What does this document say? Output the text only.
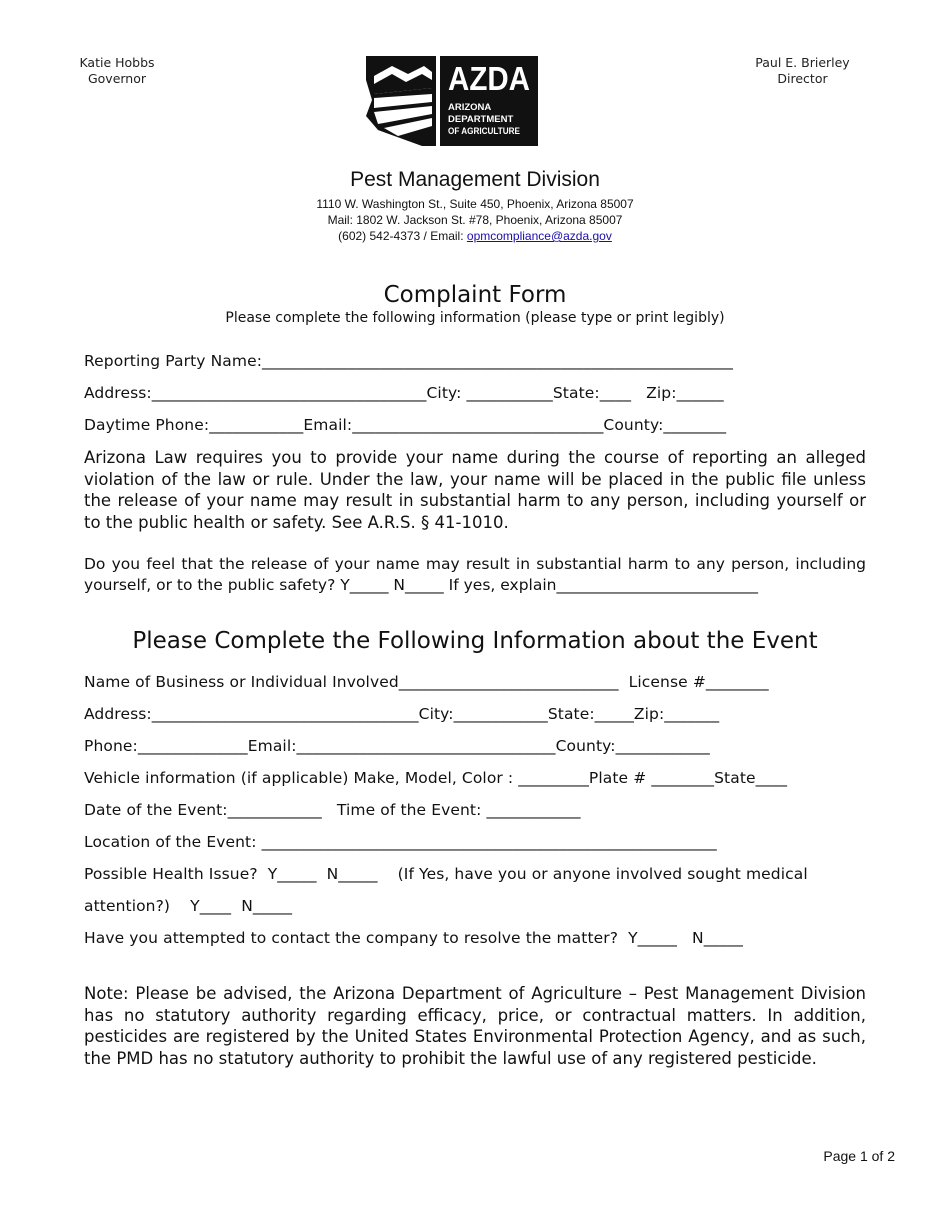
Katie Hobbs
Governor
Paul E. Brierley
Director
AZDA
ARIZONA
DEPARTMENT
OF AGRICULTURE
Pest Management Division
1110 W. Washington St., Suite 450, Phoenix, Arizona 85007
Mail: 1802 W. Jackson St. #78, Phoenix, Arizona 85007
(602) 542-4373 / Email: opmcompliance@azda.gov
Complaint Form
Please complete the following information (please type or print legibly)
Reporting Party Name:____________________________________________________________
Address:___________________________________City: ___________State:____   Zip:______
Daytime Phone:____________Email:________________________________County:________
Arizona Law requires you to provide your name during the course of reporting an alleged violation of the law or rule. Under the law, your name will be placed in the public file unless the release of your name may result in substantial harm to any person, including yourself or to the public health or safety. See A.R.S. § 41-1010.
Do you feel that the release of your name may result in substantial harm to any person, including yourself, or to the public safety? Y_____ N_____ If yes, explain__________________________
Please Complete the Following Information about the Event
Name of Business or Individual Involved____________________________  License #________
Address:__________________________________City:____________State:_____Zip:_______
Phone:______________Email:_________________________________County:____________
Vehicle information (if applicable) Make, Model, Color : _________Plate # ________State____
Date of the Event:____________   Time of the Event: ____________
Location of the Event: __________________________________________________________
Possible Health Issue?  Y_____  N_____    (If Yes, have you or anyone involved sought medical
attention?)    Y____  N_____
Have you attempted to contact the company to resolve the matter?  Y_____   N_____
Note: Please be advised, the Arizona Department of Agriculture – Pest Management Division has no statutory authority regarding efficacy, price, or contractual matters. In addition, pesticides are registered by the United States Environmental Protection Agency, and as such, the PMD has no statutory authority to prohibit the lawful use of any registered pesticide.
Page 1 of 2
